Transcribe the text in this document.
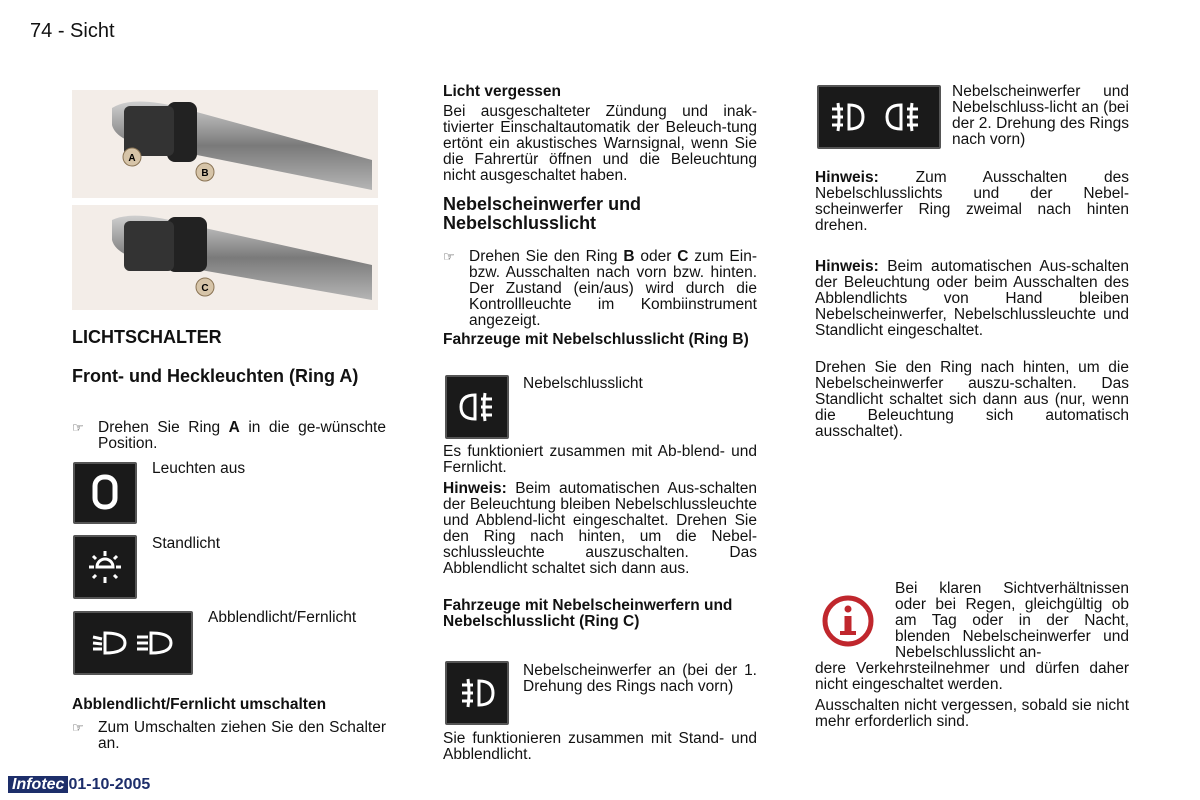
74 - Sicht
A
B
C
LICHTSCHALTER
Front- und Heckleuchten (Ring A)
☞ Drehen Sie Ring A in die ge-wünschte Position.
Leuchten aus
Standlicht
Abblendlicht/Fernlicht
Abblendlicht/Fernlicht umschalten
☞ Zum Umschalten ziehen Sie den Schalter an.
Licht vergessen
Bei ausgeschalteter Zündung und inak-tivierter Einschaltautomatik der Beleuch-tung ertönt ein akustisches Warnsignal, wenn Sie die Fahrertür öffnen und die Beleuchtung nicht ausgeschaltet haben.
Nebelscheinwerfer und Nebelschlusslicht
☞ Drehen Sie den Ring B oder C zum Ein- bzw. Ausschalten nach vorn bzw. hinten. Der Zustand (ein/aus) wird durch die Kontrollleuchte im Kombiinstrument angezeigt.
Fahrzeuge mit Nebelschlusslicht (Ring B)
Nebelschlusslicht
Es funktioniert zusammen mit Ab-blend- und Fernlicht.
Hinweis: Beim automatischen Aus-schalten der Beleuchtung bleiben Nebelschlussleuchte und Abblend-licht eingeschaltet. Drehen Sie den Ring nach hinten, um die Nebel-schlussleuchte auszuschalten. Das Abblendlicht schaltet sich dann aus.
Fahrzeuge mit Nebelscheinwerfern und Nebelschlusslicht (Ring C)
Nebelscheinwerfer an (bei der 1. Drehung des Rings nach vorn)
Sie funktionieren zusammen mit Stand- und Abblendlicht.
Nebelscheinwerfer und Nebelschluss-licht an (bei der 2. Drehung des Rings nach vorn)
Hinweis: Zum Ausschalten des Nebelschlusslichts und der Nebel-scheinwerfer Ring zweimal nach hinten drehen.
Hinweis: Beim automatischen Aus-schalten der Beleuchtung oder beim Ausschalten des Abblendlichts von Hand bleiben Nebelscheinwerfer, Nebelschlussleuchte und Standlicht eingeschaltet.
Drehen Sie den Ring nach hinten, um die Nebelscheinwerfer auszu-schalten. Das Standlicht schaltet sich dann aus (nur, wenn die Beleuchtung sich automatisch ausschaltet).
Bei klaren Sichtverhältnissen oder bei Regen, gleichgültig ob am Tag oder in der Nacht, blenden Nebelscheinwerfer und Nebelschlusslicht an-
dere Verkehrsteilnehmer und dürfen daher nicht eingeschaltet werden.
Ausschalten nicht vergessen, sobald sie nicht mehr erforderlich sind.
Infotec 01-10-2005
